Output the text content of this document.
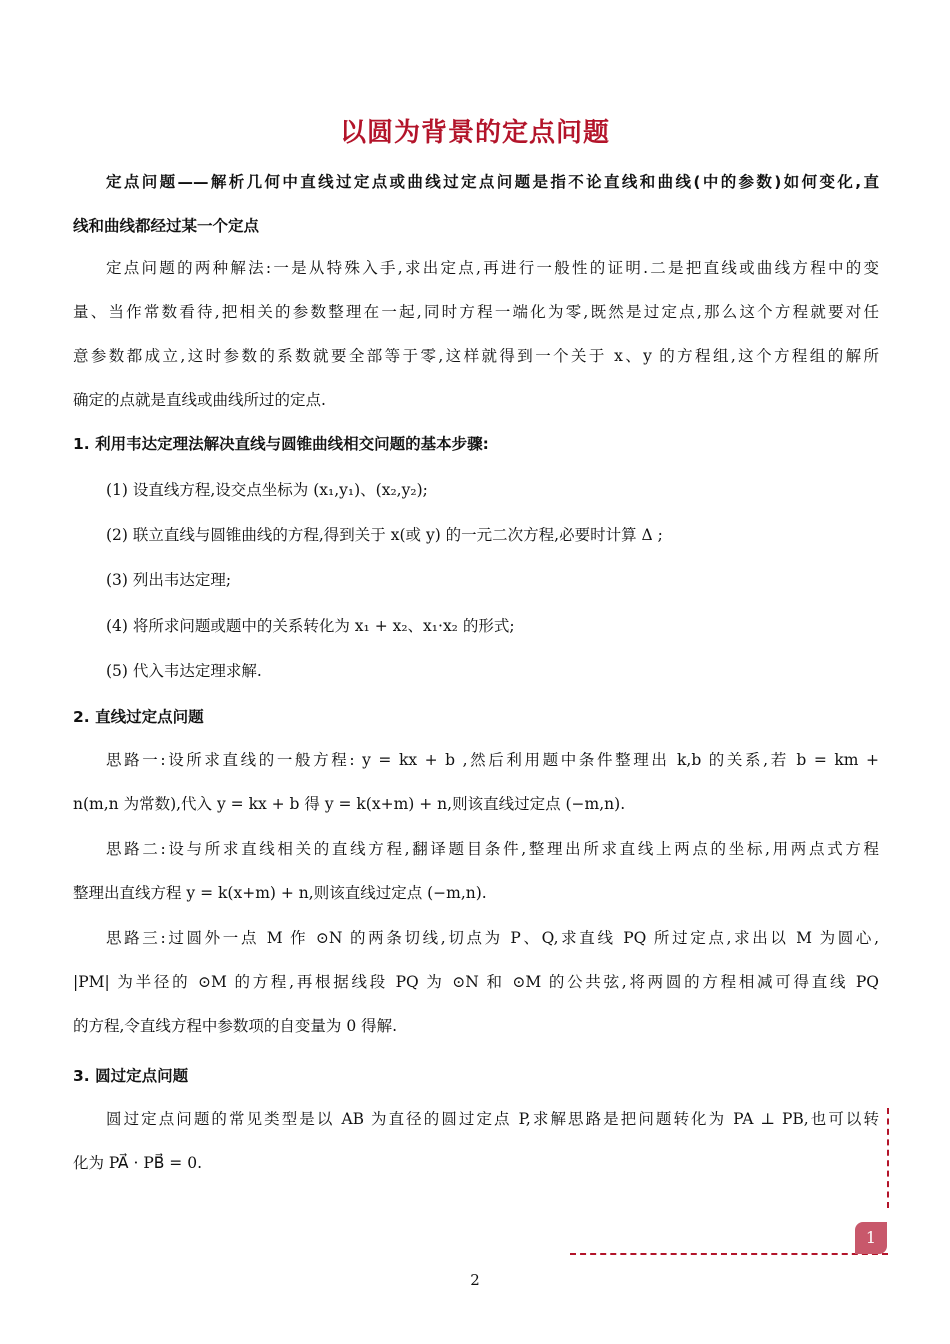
以圆为背景的定点问题
定点问题——解析几何中直线过定点或曲线过定点问题是指不论直线和曲线(中的参数)如何变化,直
线和曲线都经过某一个定点
定点问题的两种解法:一是从特殊入手,求出定点,再进行一般性的证明.二是把直线或曲线方程中的变
量、当作常数看待,把相关的参数整理在一起,同时方程一端化为零,既然是过定点,那么这个方程就要对任
意参数都成立,这时参数的系数就要全部等于零,这样就得到一个关于 x、y 的方程组,这个方程组的解所
确定的点就是直线或曲线所过的定点.
1. 利用韦达定理法解决直线与圆锥曲线相交问题的基本步骤:
(1) 设直线方程,设交点坐标为 (x₁,y₁)、(x₂,y₂);
(2) 联立直线与圆锥曲线的方程,得到关于 x(或 y) 的一元二次方程,必要时计算 Δ ;
(3) 列出韦达定理;
(4) 将所求问题或题中的关系转化为 x₁ + x₂、x₁·x₂ 的形式;
(5) 代入韦达定理求解.
2. 直线过定点问题
思路一:设所求直线的一般方程: y = kx + b ,然后利用题中条件整理出 k,b 的关系,若 b = km +
n(m,n 为常数),代入 y = kx + b 得 y = k(x+m) + n,则该直线过定点 (−m,n).
思路二:设与所求直线相关的直线方程,翻译题目条件,整理出所求直线上两点的坐标,用两点式方程
整理出直线方程 y = k(x+m) + n,则该直线过定点 (−m,n).
思路三:过圆外一点 M 作 ⊙N 的两条切线,切点为 P、Q,求直线 PQ 所过定点,求出以 M 为圆心,
|PM| 为半径的 ⊙M 的方程,再根据线段 PQ 为 ⊙N 和 ⊙M 的公共弦,将两圆的方程相减可得直线 PQ
的方程,令直线方程中参数项的自变量为 0 得解.
3. 圆过定点问题
圆过定点问题的常见类型是以 AB 为直径的圆过定点 P,求解思路是把问题转化为 PA ⊥ PB,也可以转
化为 PA⃗ · PB⃗ = 0.
1
2
